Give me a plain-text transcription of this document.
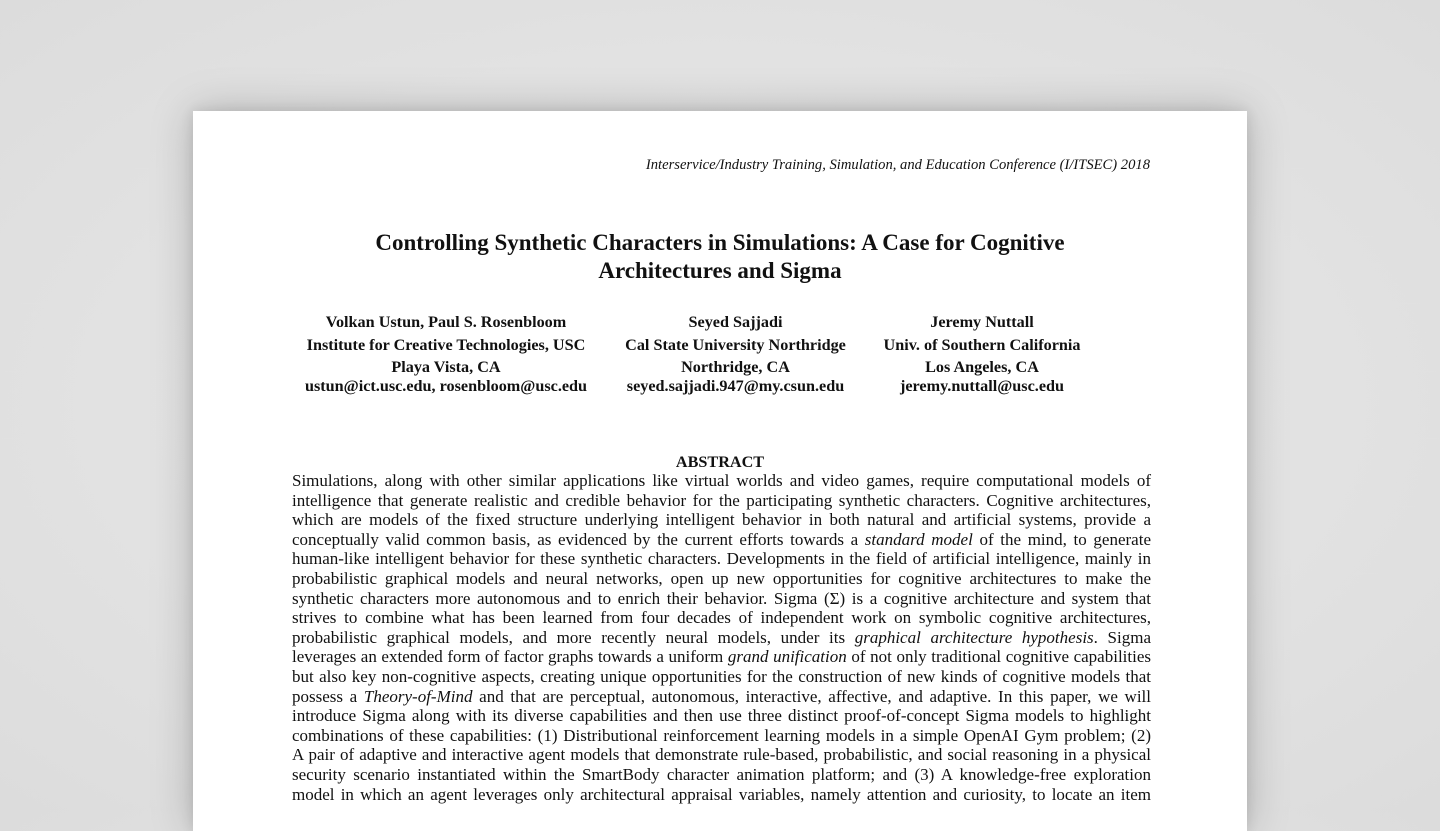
Interservice/Industry Training, Simulation, and Education Conference (I/ITSEC) 2018
Controlling Synthetic Characters in Simulations: A Case for Cognitive
Architectures and Sigma
Volkan Ustun, Paul S. Rosenbloom
Institute for Creative Technologies, USC
Playa Vista, CA
ustun@ict.usc.edu, rosenbloom@usc.edu
Seyed Sajjadi
Cal State University Northridge
Northridge, CA
seyed.sajjadi.947@my.csun.edu
Jeremy Nuttall
Univ. of Southern California
Los Angeles, CA
jeremy.nuttall@usc.edu
ABSTRACT
Simulations, along with other similar applications like virtual worlds and video games, require computational models of
intelligence that generate realistic and credible behavior for the participating synthetic characters. Cognitive architectures,
which are models of the fixed structure underlying intelligent behavior in both natural and artificial systems, provide a
conceptually valid common basis, as evidenced by the current efforts towards a standard model of the mind, to generate
human-like intelligent behavior for these synthetic characters. Developments in the field of artificial intelligence, mainly in
probabilistic graphical models and neural networks, open up new opportunities for cognitive architectures to make the
synthetic characters more autonomous and to enrich their behavior. Sigma (Σ) is a cognitive architecture and system that
strives to combine what has been learned from four decades of independent work on symbolic cognitive architectures,
probabilistic graphical models, and more recently neural models, under its graphical architecture hypothesis. Sigma
leverages an extended form of factor graphs towards a uniform grand unification of not only traditional cognitive capabilities
but also key non-cognitive aspects, creating unique opportunities for the construction of new kinds of cognitive models that
possess a Theory-of-Mind and that are perceptual, autonomous, interactive, affective, and adaptive. In this paper, we will
introduce Sigma along with its diverse capabilities and then use three distinct proof-of-concept Sigma models to highlight
combinations of these capabilities: (1) Distributional reinforcement learning models in a simple OpenAI Gym problem; (2)
A pair of adaptive and interactive agent models that demonstrate rule-based, probabilistic, and social reasoning in a physical
security scenario instantiated within the SmartBody character animation platform; and (3) A knowledge-free exploration
model in which an agent leverages only architectural appraisal variables, namely attention and curiosity, to locate an item
